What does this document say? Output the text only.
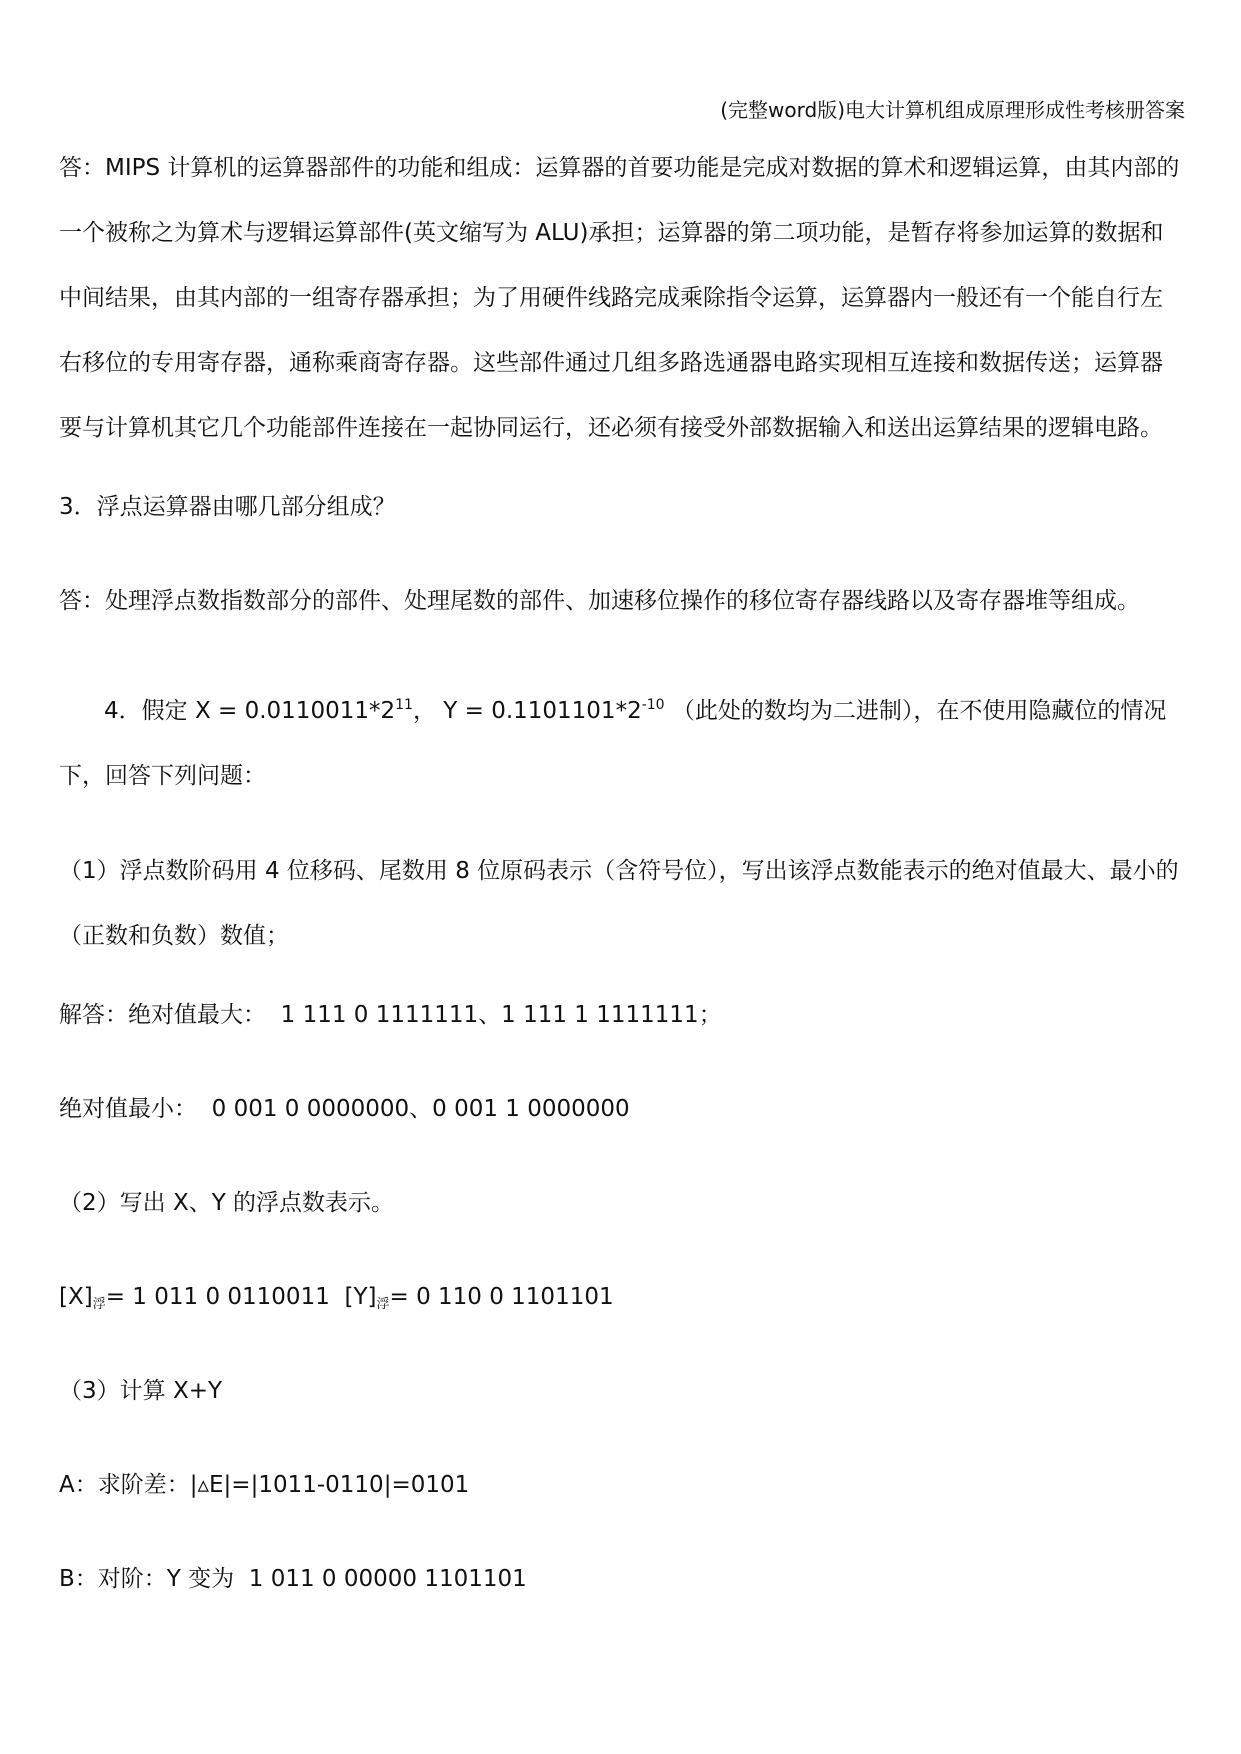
(完整word版)电大计算机组成原理形成性考核册答案

答：MIPS 计算机的运算器部件的功能和组成：运算器的首要功能是完成对数据的算术和逻辑运算，由其内部的一个被称之为算术与逻辑运算部件(英文缩写为 ALU)承担；运算器的第二项功能，是暂存将参加运算的数据和中间结果，由其内部的一组寄存器承担；为了用硬件线路完成乘除指令运算，运算器内一般还有一个能自行左右移位的专用寄存器，通称乘商寄存器。这些部件通过几组多路选通器电路实现相互连接和数据传送；运算器要与计算机其它几个功能部件连接在一起协同运行，还必须有接受外部数据输入和送出运算结果的逻辑电路。

3．浮点运算器由哪几部分组成？

答：处理浮点数指数部分的部件、处理尾数的部件、加速移位操作的移位寄存器线路以及寄存器堆等组成。

4．假定 $X = 0.0110011*2^{11}$， $Y = 0.1101101*2^{-10}$ （此处的数均为二进制），在不使用隐藏位的情况下，回答下列问题：

（1）浮点数阶码用 4 位移码、尾数用 8 位原码表示（含符号位），写出该浮点数能表示的绝对值最大、最小的（正数和负数）数值；

解答：绝对值最大：  1 111 0 1111111、1 111 1 1111111；

绝对值最小：  0 001 0 0000000、0 001 1 0000000

（2）写出 X、Y 的浮点数表示。

$[X]_浮= 1$ 011 0 0110011  $[Y]_浮= 0$ 110 0 1101101

（3）计算 X+Y

A：求阶差：|▵E|=|1011-0110|=0101

B：对阶：Y 变为  1 011 0 00000 1101101
